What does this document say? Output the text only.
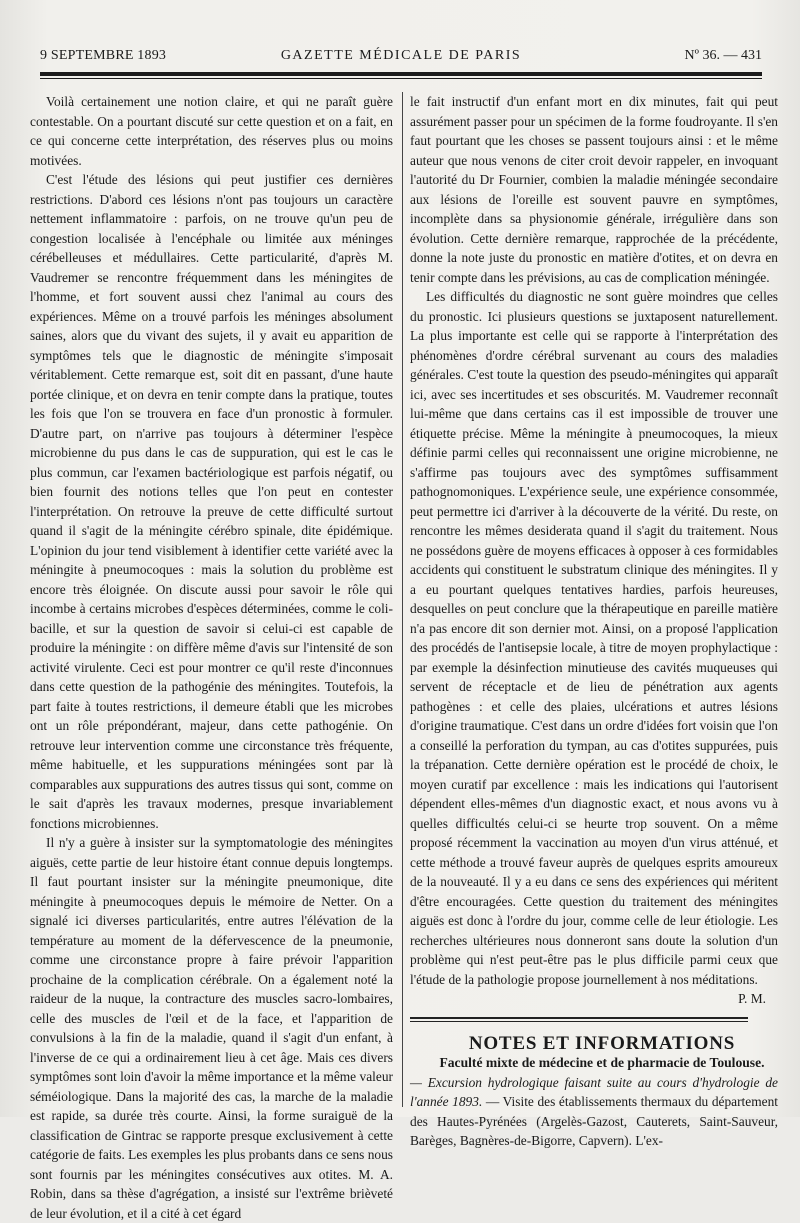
9 SEPTEMBRE 1893	GAZETTE MÉDICALE DE PARIS	Nº 36. — 431

Voilà certainement une notion claire, et qui ne paraît guère contestable. On a pourtant discuté sur cette question et on a fait, en ce qui concerne cette interprétation, des réserves plus ou moins motivées.

C'est l'étude des lésions qui peut justifier ces dernières restrictions. D'abord ces lésions n'ont pas toujours un caractère nettement inflammatoire : parfois, on ne trouve qu'un peu de congestion localisée à l'encéphale ou limitée aux méninges cérébelleuses et médullaires. Cette particularité, d'après M. Vaudremer se rencontre fréquemment dans les méningites de l'homme, et fort souvent aussi chez l'animal au cours des expériences. Même on a trouvé parfois les méninges absolument saines, alors que du vivant des sujets, il y avait eu apparition de symptômes tels que le diagnostic de méningite s'imposait véritablement. Cette remarque est, soit dit en passant, d'une haute portée clinique, et on devra en tenir compte dans la pratique, toutes les fois que l'on se trouvera en face d'un pronostic à formuler. D'autre part, on n'arrive pas toujours à déterminer l'espèce microbienne du pus dans le cas de suppuration, qui est le cas le plus commun, car l'examen bactériologique est parfois négatif, ou bien fournit des notions telles que l'on peut en contester l'interprétation. On retrouve la preuve de cette difficulté surtout quand il s'agit de la méningite cérébro spinale, dite épidémique. L'opinion du jour tend visiblement à identifier cette variété avec la méningite à pneumocoques : mais la solution du problème est encore très éloignée. On discute aussi pour savoir le rôle qui incombe à certains microbes d'espèces déterminées, comme le coli-bacille, et sur la question de savoir si celui-ci est capable de produire la méningite : on diffère même d'avis sur l'intensité de son activité virulente. Ceci est pour montrer ce qu'il reste d'inconnues dans cette question de la pathogénie des méningites. Toutefois, la part faite à toutes restrictions, il demeure établi que les microbes ont un rôle prépondérant, majeur, dans cette pathogénie. On retrouve leur intervention comme une circonstance très fréquente, même habituelle, et les suppurations méningées sont par là comparables aux suppurations des autres tissus qui sont, comme on le sait d'après les travaux modernes, presque invariablement fonctions microbiennes.

Il n'y a guère à insister sur la symptomatologie des méningites aiguës, cette partie de leur histoire étant connue depuis longtemps. Il faut pourtant insister sur la méningite pneumonique, dite méningite à pneumocoques depuis le mémoire de Netter. On a signalé ici diverses particularités, entre autres l'élévation de la température au moment de la défervescence de la pneumonie, comme une circonstance propre à faire prévoir l'apparition prochaine de la complication cérébrale. On a également noté la raideur de la nuque, la contracture des muscles sacro-lombaires, celle des muscles de l'œil et de la face, et l'apparition de convulsions à la fin de la maladie, quand il s'agit d'un enfant, à l'inverse de ce qui a ordinairement lieu à cet âge. Mais ces divers symptômes sont loin d'avoir la même importance et la même valeur séméiologique. Dans la majorité des cas, la marche de la maladie est rapide, sa durée très courte. Ainsi, la forme suraiguë de la classification de Gintrac se rapporte presque exclusivement à cette catégorie de faits. Les exemples les plus probants dans ce sens nous sont fournis par les méningites consécutives aux otites. M. A. Robin, dans sa thèse d'agrégation, a insisté sur l'extrême brièveté de leur évolution, et il a cité à cet égard

le fait instructif d'un enfant mort en dix minutes, fait qui peut assurément passer pour un spécimen de la forme foudroyante. Il s'en faut pourtant que les choses se passent toujours ainsi : et le même auteur que nous venons de citer croit devoir rappeler, en invoquant l'autorité du Dr Fournier, combien la maladie méningée secondaire aux lésions de l'oreille est souvent pauvre en symptômes, incomplète dans sa physionomie générale, irrégulière dans son évolution. Cette dernière remarque, rapprochée de la précédente, donne la note juste du pronostic en matière d'otites, et on devra en tenir compte dans les prévisions, au cas de complication méningée.

Les difficultés du diagnostic ne sont guère moindres que celles du pronostic. Ici plusieurs questions se juxtaposent naturellement. La plus importante est celle qui se rapporte à l'interprétation des phénomènes d'ordre cérébral survenant au cours des maladies générales. C'est toute la question des pseudo-méningites qui apparaît ici, avec ses incertitudes et ses obscurités. M. Vaudremer reconnaît lui-même que dans certains cas il est impossible de trouver une étiquette précise. Même la méningite à pneumocoques, la mieux définie parmi celles qui reconnaissent une origine microbienne, ne s'affirme pas toujours avec des symptômes suffisamment pathognomoniques. L'expérience seule, une expérience consommée, peut permettre ici d'arriver à la découverte de la vérité. Du reste, on rencontre les mêmes desiderata quand il s'agit du traitement. Nous ne possédons guère de moyens efficaces à opposer à ces formidables accidents qui constituent le substratum clinique des méningites. Il y a eu pourtant quelques tentatives hardies, parfois heureuses, desquelles on peut conclure que la thérapeutique en pareille matière n'a pas encore dit son dernier mot. Ainsi, on a proposé l'application des procédés de l'antisepsie locale, à titre de moyen prophylactique : par exemple la désinfection minutieuse des cavités muqueuses qui servent de réceptacle et de lieu de pénétration aux agents pathogènes : et celle des plaies, ulcérations et autres lésions d'origine traumatique. C'est dans un ordre d'idées fort voisin que l'on a conseillé la perforation du tympan, au cas d'otites suppurées, puis la trépanation. Cette dernière opération est le procédé de choix, le moyen curatif par excellence : mais les indications qui l'autorisent dépendent elles-mêmes d'un diagnostic exact, et nous avons vu à quelles difficultés celui-ci se heurte trop souvent. On a même proposé récemment la vaccination au moyen d'un virus atténué, et cette méthode a trouvé faveur auprès de quelques esprits amoureux de la nouveauté. Il y a eu dans ce sens des expériences qui méritent d'être encouragées. Cette question du traitement des méningites aiguës est donc à l'ordre du jour, comme celle de leur étiologie. Les recherches ultérieures nous donneront sans doute la solution d'un problème qui n'est peut-être pas le plus difficile parmi ceux que l'étude de la pathologie propose journellement à nos méditations.

P. M.

NOTES ET INFORMATIONS

Faculté mixte de médecine et de pharmacie de Toulouse.

— Excursion hydrologique faisant suite au cours d'hydrologie de l'année 1893. — Visite des établissements thermaux du département des Hautes-Pyrénées (Argelès-Gazost, Cauterets, Saint-Sauveur, Barèges, Bagnères-de-Bigorre, Capvern). L'ex-
